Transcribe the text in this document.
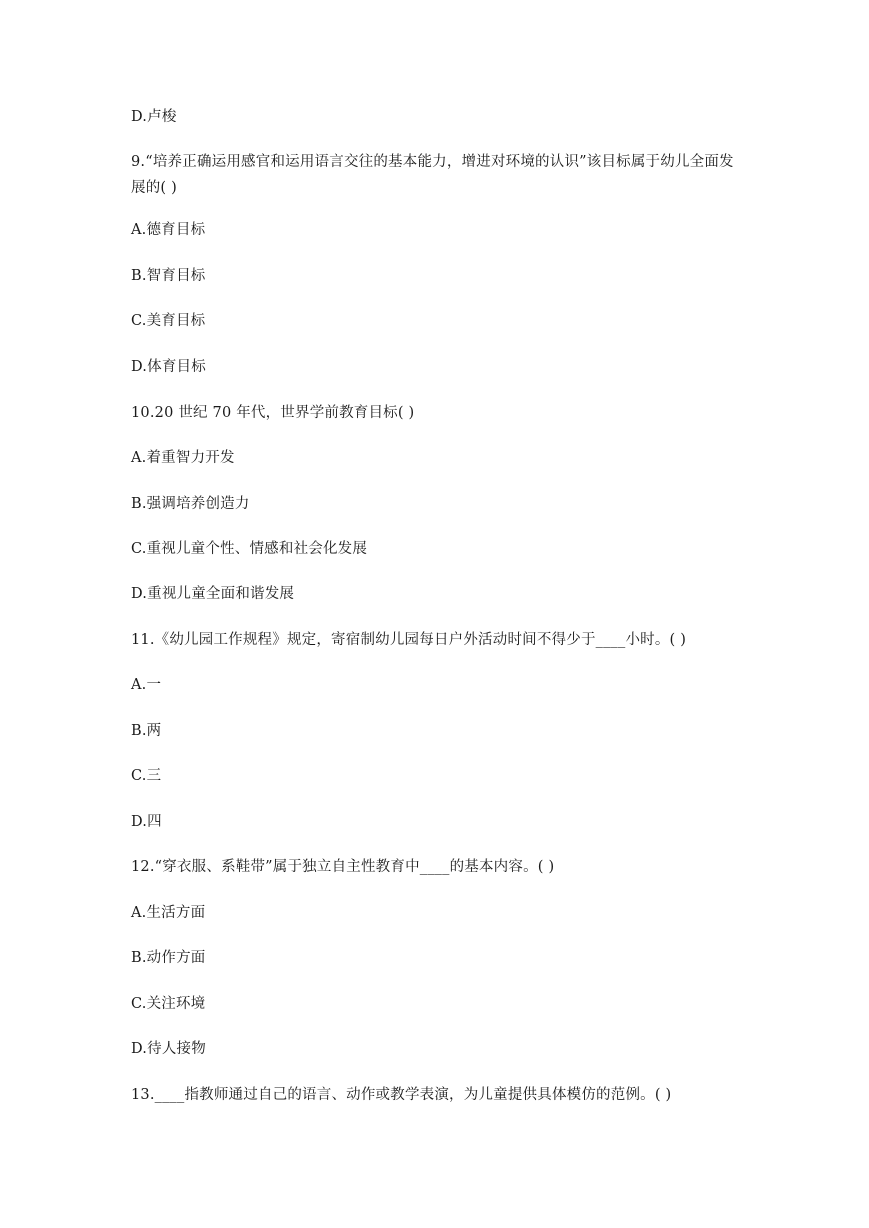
D.卢梭
9.“培养正确运用感官和运用语言交往的基本能力，增进对环境的认识”该目标属于幼儿全面发展的( )
A.德育目标
B.智育目标
C.美育目标
D.体育目标
10.20 世纪 70 年代，世界学前教育目标( )
A.着重智力开发
B.强调培养创造力
C.重视儿童个性、情感和社会化发展
D.重视儿童全面和谐发展
11.《幼儿园工作规程》规定，寄宿制幼儿园每日户外活动时间不得少于____小时。( )
A.一
B.两
C.三
D.四
12.“穿衣服、系鞋带”属于独立自主性教育中____的基本内容。( )
A.生活方面
B.动作方面
C.关注环境
D.待人接物
13.____指教师通过自己的语言、动作或教学表演，为儿童提供具体模仿的范例。( )
